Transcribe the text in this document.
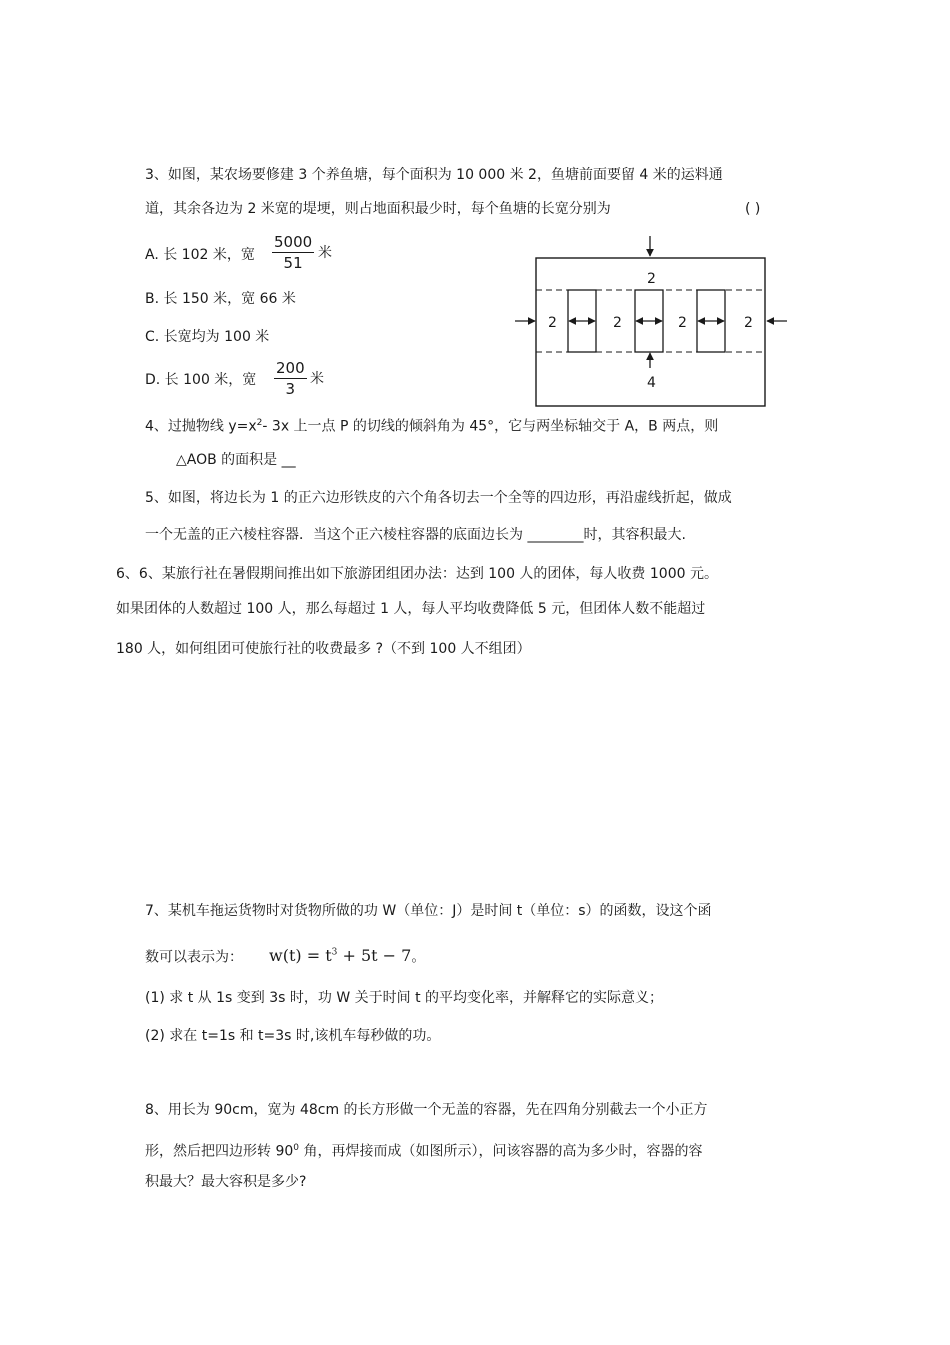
3、如图，某农场要修建 3 个养鱼塘，每个面积为 10 000 米 2，鱼塘前面要留 4 米的运料通
道，其余各边为 2 米宽的堤埂，则占地面积最少时，每个鱼塘的长宽分别为	( )
A. 长 102 米，宽 $\frac{5000}{51}$ 米
B. 长 150 米，宽 66 米
C. 长宽均为 100 米
D. 长 100 米，宽 $\frac{200}{3}$ 米
2
2	2	2	2
4
4、过抛物线 $y=x^2-$ 3x 上一点 P 的切线的倾斜角为 45°，它与两坐标轴交于 A，B 两点，则
△AOB 的面积是 __
5、如图，将边长为 1 的正六边形铁皮的六个角各切去一个全等的四边形，再沿虚线折起，做成
一个无盖的正六棱柱容器．当这个正六棱柱容器的底面边长为 ________时，其容积最大.
6、6、某旅行社在暑假期间推出如下旅游团组团办法：达到 100 人的团体，每人收费 1000 元。
如果团体的人数超过 100 人，那么每超过 1 人，每人平均收费降低 5 元，但团体人数不能超过
180 人，如何组团可使旅行社的收费最多 ?（不到 100 人不组团）
7、某机车拖运货物时对货物所做的功 W（单位：J）是时间 t（单位：s）的函数，设这个函
数可以表示为： $w(t) = t^3 + 5t - 7$。
(1) 求 t 从 1s 变到 3s 时，功 W 关于时间 t 的平均变化率，并解释它的实际意义；
(2) 求在 t=1s 和 t=3s 时,该机车每秒做的功。
8、用长为 90cm，宽为 48cm 的长方形做一个无盖的容器，先在四角分别截去一个小正方
形，然后把四边形转 $90^0$ 角，再焊接而成（如图所示），问该容器的高为多少时，容器的容
积最大？最大容积是多少?
